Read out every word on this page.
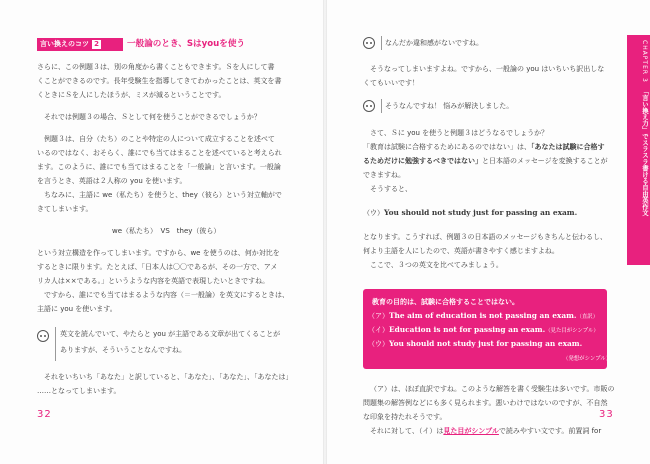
言い換えのコツ 2	一般論のとき、Sはyouを使う
さらに、この例題３は、別の角度から書くこともできます。Ｓを人にして書
くことができるのです。長年受験生を指導してきてわかったことは、英文を書
くときにＳを人にしたほうが、ミスが減るということです。
それでは例題３の場合、Ｓとして何を使うことができるでしょうか？
例題３は、自分（たち）のことや特定の人について成立することを述べて
いるのではなく、おそらく、誰にでも当てはまることを述べていると考えられ
ます。このように、誰にでも当てはまることを「一般論」と言います。一般論
を言うとき、英語は２人称の you を使います。
ちなみに、主語に we（私たち）を使うと、they（彼ら）という対立軸がで
きてしまいます。
we（私たち）　VS　they（彼ら）
という対立構造を作ってしまいます。ですから、we を使うのは、何か対比を
するときに限ります。たとえば、「日本人は〇〇であるが、その一方で、アメ
リカ人は××である。」というような内容を英語で表現したいときですね。
ですから、誰にでも当てはまるような内容（＝一般論）を英文にするときは、
主語に you を使います。
英文を読んでいて、やたらと you が主語である文章が出てくることが
ありますが、そういうことなんですね。
それをいちいち「あなた」と訳していると、「あなた」、「あなた」、「あなたは」
……となってしまいます。
32
CHAPTER 3
「言い換え力」でスラスラ書ける自由英作文
なんだか違和感がないですね。
そうなってしまいますよね。ですから、一般論の you はいちいち訳出しな
くてもいいです！
そうなんですね！ 悩みが解決しました。
さて、Ｓに you を使うと例題３はどうなるでしょうか？
「教育は試験に合格するためにあるのではない」は、「あなたは試験に合格す
るためだけに勉強するべきではない」と日本語のメッセージを変換することが
できますね。
そうすると、
（ウ）You should not study just for passing an exam.
となります。こうすれば、例題３の日本語のメッセージもきちんと伝わるし、
何より主語を人にしたので、英語が書きやすく感じますよね。
ここで、３つの英文を比べてみましょう。
教育の目的は、試験に合格することではない。
（ア）The aim of education is not passing an exam.（直訳）
（イ）Education is not for passing an exam.（見た目がシンプル）
（ウ）You should not study just for passing an exam.
（発想がシンプル）
（ア）は、ほぼ直訳ですね。このような解答を書く受験生は多いです。市販の
問題集の解答例などにも多く見られます。悪いわけではないのですが、不自然
な印象を持たれそうです。
それに対して、（イ）は見た目がシンプルで読みやすい文です。前置詞 for
33
